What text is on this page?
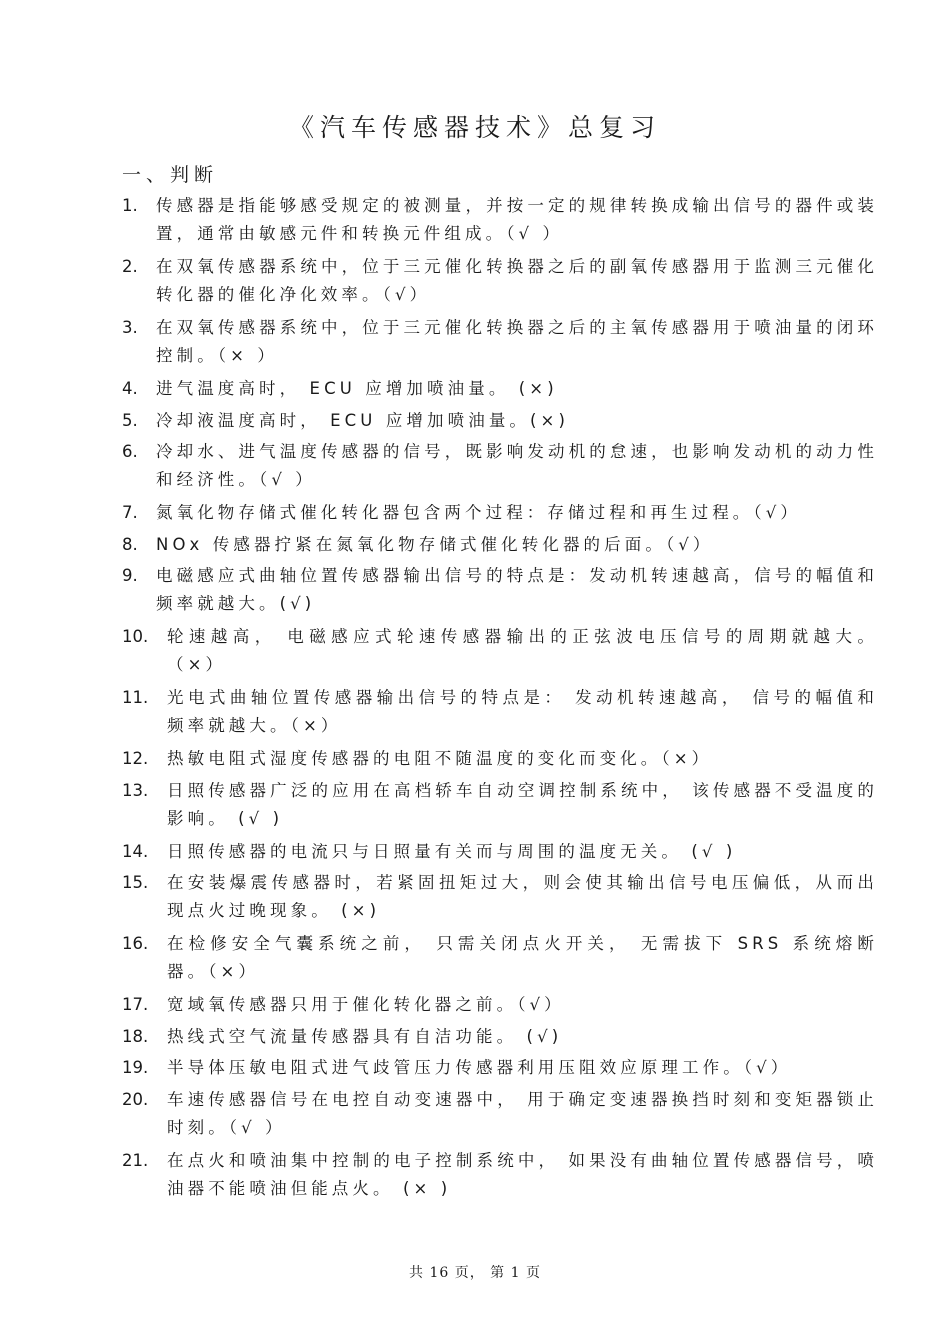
《汽车传感器技术》总复习
一、判断
1.	传感器是指能够感受规定的被测量，并按一定的规律转换成输出信号的器件或装置，通常由敏感元件和转换元件组成。（√ ）
2.	在双氧传感器系统中，位于三元催化转换器之后的副氧传感器用于监测三元催化转化器的催化净化效率。（√）
3.	在双氧传感器系统中，位于三元催化转换器之后的主氧传感器用于喷油量的闭环控制。（× ）
4.	进气温度高时， ECU 应增加喷油量。 (×)
5.	冷却液温度高时， ECU 应增加喷油量。(×)
6.	冷却水、进气温度传感器的信号，既影响发动机的怠速，也影响发动机的动力性和经济性。（√ ）
7.	氮氧化物存储式催化转化器包含两个过程：存储过程和再生过程。（√）
8.	NOx 传感器拧紧在氮氧化物存储式催化转化器的后面。（√）
9.	电磁感应式曲轴位置传感器输出信号的特点是：发动机转速越高，信号的幅值和频率就越大。(√)
10.	轮速越高， 电磁感应式轮速传感器输出的正弦波电压信号的周期就越大。（×）
11.	光电式曲轴位置传感器输出信号的特点是： 发动机转速越高， 信号的幅值和频率就越大。（×）
12.	热敏电阻式湿度传感器的电阻不随温度的变化而变化。（×）
13.	日照传感器广泛的应用在高档轿车自动空调控制系统中， 该传感器不受温度的影响。 (√ )
14.	日照传感器的电流只与日照量有关而与周围的温度无关。 (√ )
15.	在安装爆震传感器时，若紧固扭矩过大，则会使其输出信号电压偏低，从而出现点火过晚现象。 (×)
16.	在检修安全气囊系统之前， 只需关闭点火开关， 无需拔下 SRS 系统熔断器。（×）
17.	宽域氧传感器只用于催化转化器之前。（√）
18.	热线式空气流量传感器具有自洁功能。 (√)
19.	半导体压敏电阻式进气歧管压力传感器利用压阻效应原理工作。（√）
20.	车速传感器信号在电控自动变速器中， 用于确定变速器换挡时刻和变矩器锁止时刻。（√ ）
21.	在点火和喷油集中控制的电子控制系统中， 如果没有曲轴位置传感器信号，喷油器不能喷油但能点火。 (× )
共 16 页， 第 1 页
